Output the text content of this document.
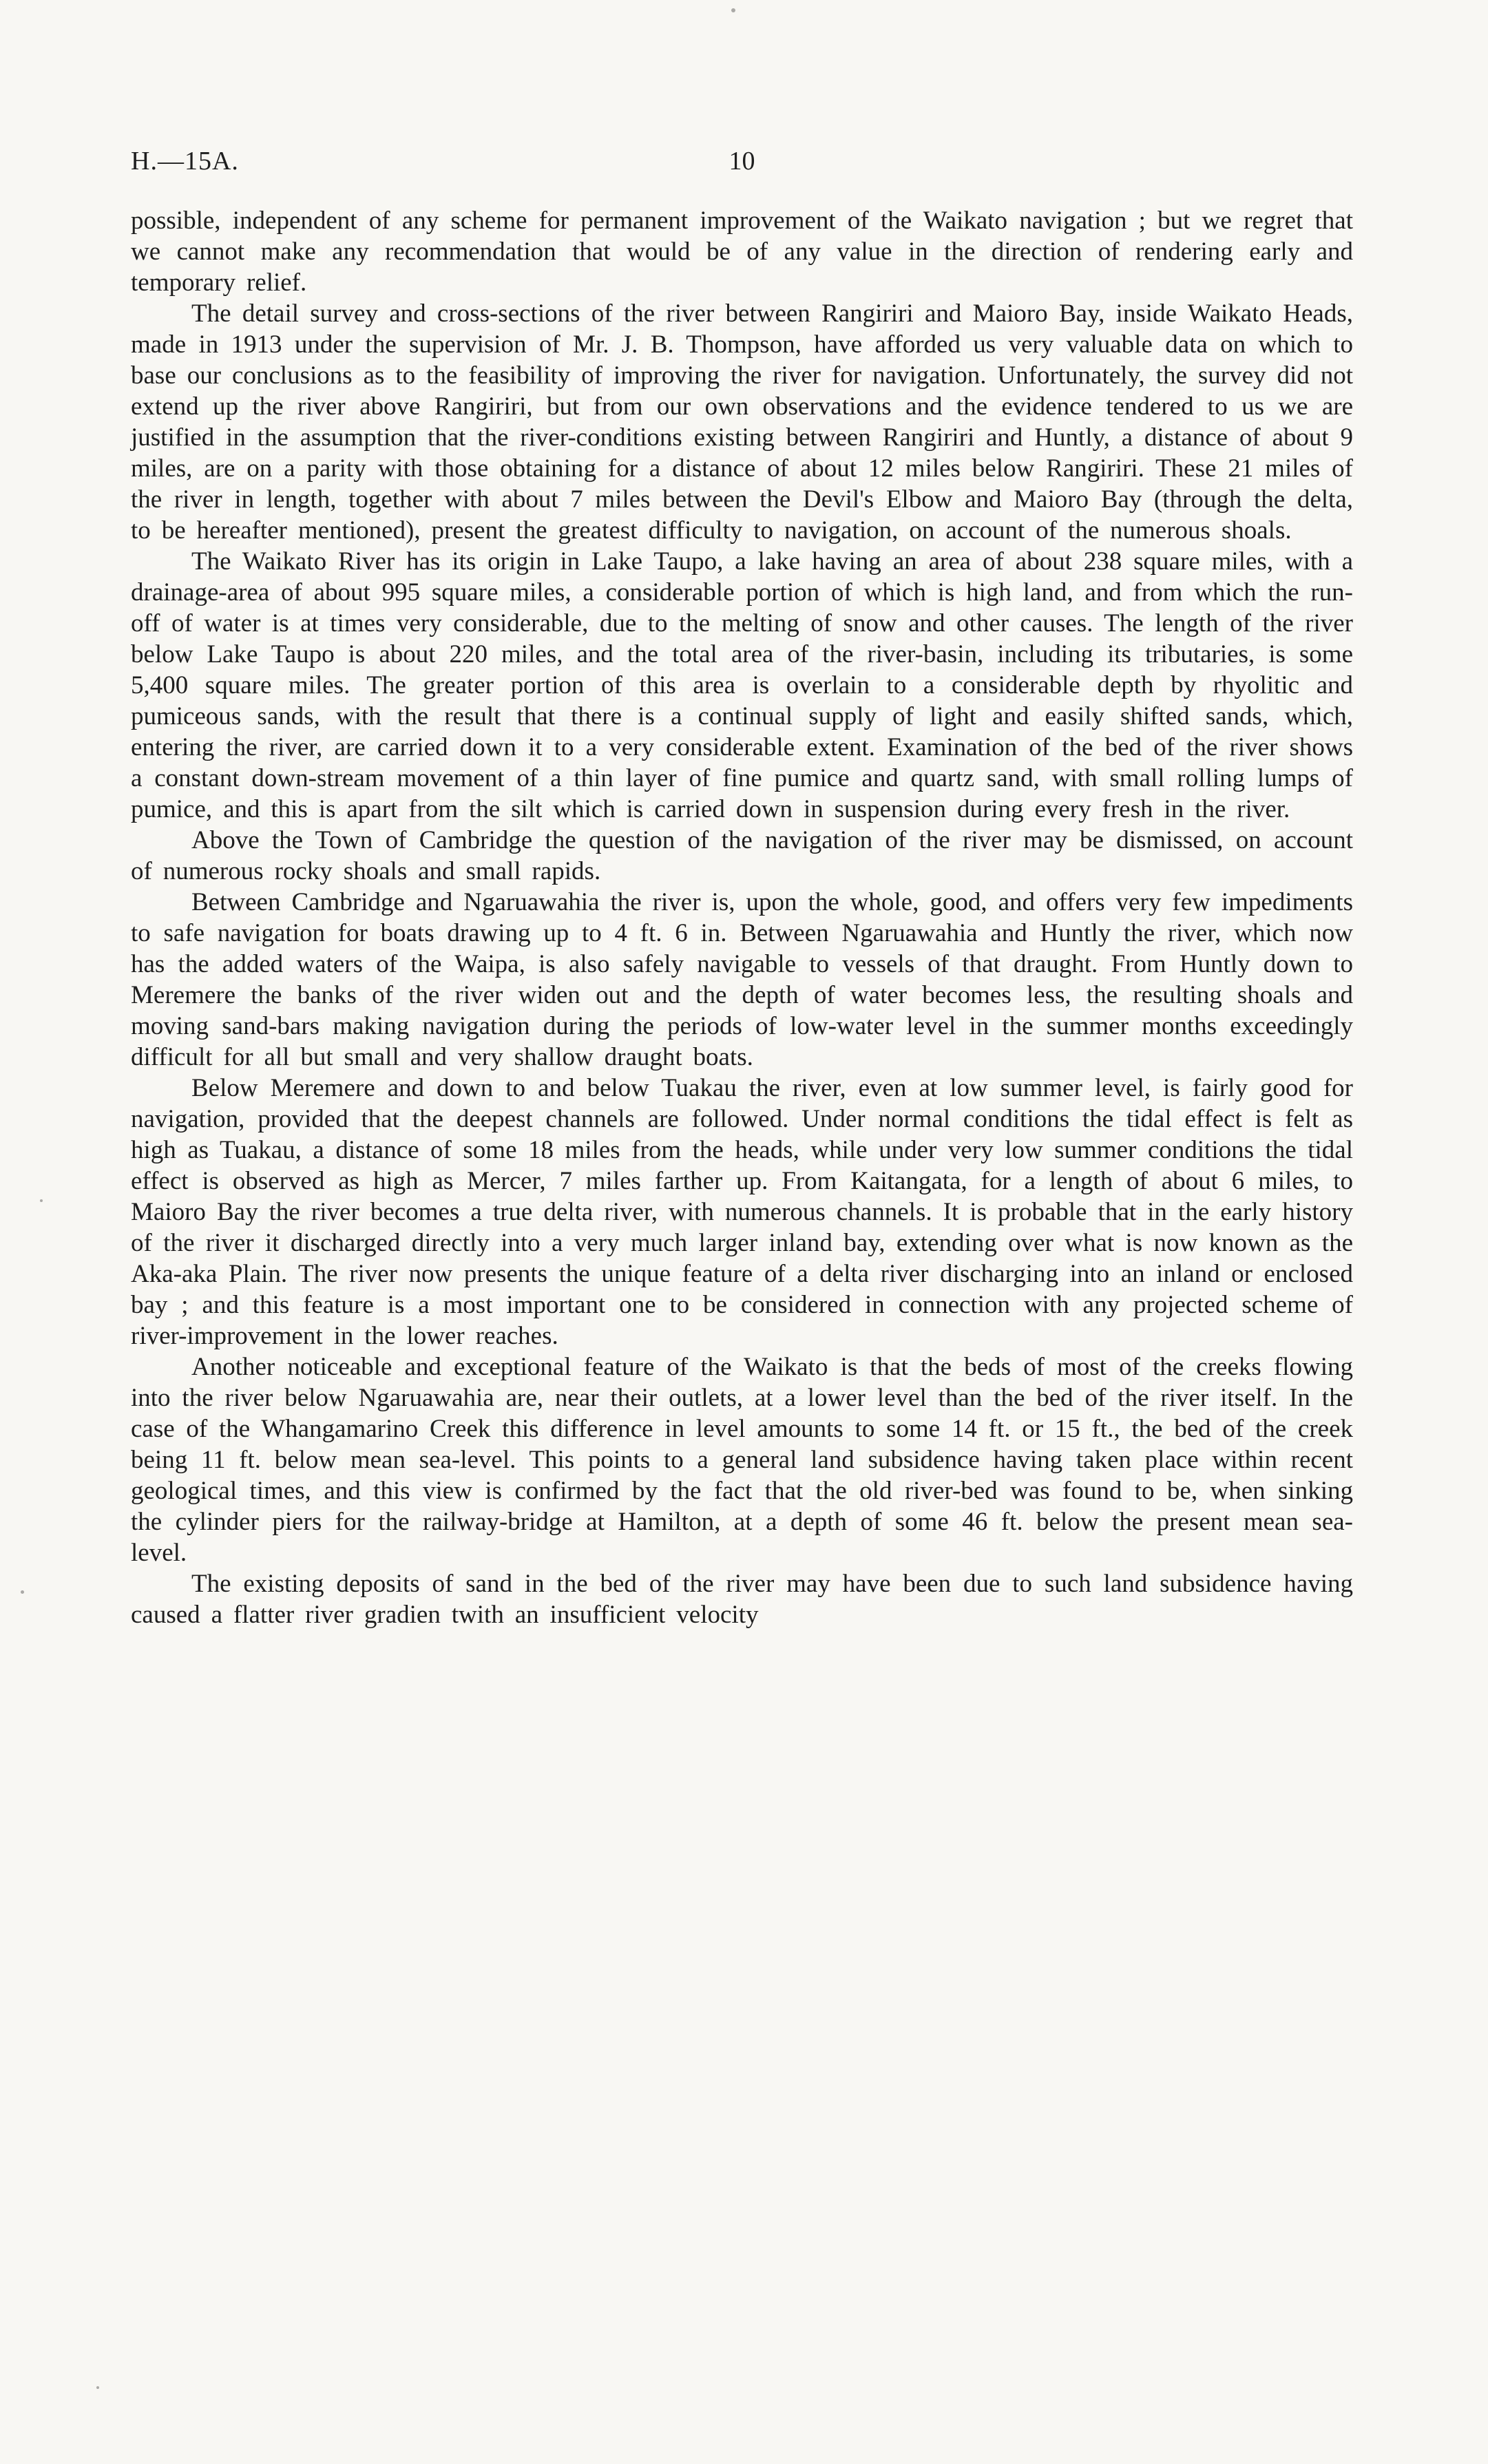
H.—15A.	10

possible, independent of any scheme for permanent improvement of the Waikato navigation ; but we regret that we cannot make any recommendation that would be of any value in the direction of rendering early and temporary relief.

The detail survey and cross-sections of the river between Rangiriri and Maioro Bay, inside Waikato Heads, made in 1913 under the supervision of Mr. J. B. Thompson, have afforded us very valuable data on which to base our conclusions as to the feasibility of improving the river for navigation. Unfortunately, the survey did not extend up the river above Rangiriri, but from our own observations and the evidence tendered to us we are justified in the assumption that the river-conditions existing between Rangiriri and Huntly, a distance of about 9 miles, are on a parity with those obtaining for a distance of about 12 miles below Rangiriri. These 21 miles of the river in length, together with about 7 miles between the Devil's Elbow and Maioro Bay (through the delta, to be hereafter mentioned), present the greatest difficulty to navigation, on account of the numerous shoals.

The Waikato River has its origin in Lake Taupo, a lake having an area of about 238 square miles, with a drainage-area of about 995 square miles, a considerable portion of which is high land, and from which the run-off of water is at times very considerable, due to the melting of snow and other causes. The length of the river below Lake Taupo is about 220 miles, and the total area of the river-basin, including its tributaries, is some 5,400 square miles. The greater portion of this area is overlain to a considerable depth by rhyolitic and pumiceous sands, with the result that there is a continual supply of light and easily shifted sands, which, entering the river, are carried down it to a very considerable extent. Examination of the bed of the river shows a constant down-stream movement of a thin layer of fine pumice and quartz sand, with small rolling lumps of pumice, and this is apart from the silt which is carried down in suspension during every fresh in the river.

Above the Town of Cambridge the question of the navigation of the river may be dismissed, on account of numerous rocky shoals and small rapids.

Between Cambridge and Ngaruawahia the river is, upon the whole, good, and offers very few impediments to safe navigation for boats drawing up to 4 ft. 6 in. Between Ngaruawahia and Huntly the river, which now has the added waters of the Waipa, is also safely navigable to vessels of that draught. From Huntly down to Meremere the banks of the river widen out and the depth of water becomes less, the resulting shoals and moving sand-bars making navigation during the periods of low-water level in the summer months exceedingly difficult for all but small and very shallow draught boats.

Below Meremere and down to and below Tuakau the river, even at low summer level, is fairly good for navigation, provided that the deepest channels are followed. Under normal conditions the tidal effect is felt as high as Tuakau, a distance of some 18 miles from the heads, while under very low summer conditions the tidal effect is observed as high as Mercer, 7 miles farther up. From Kaitangata, for a length of about 6 miles, to Maioro Bay the river becomes a true delta river, with numerous channels. It is probable that in the early history of the river it discharged directly into a very much larger inland bay, extending over what is now known as the Aka-aka Plain. The river now presents the unique feature of a delta river discharging into an inland or enclosed bay ; and this feature is a most important one to be considered in connection with any projected scheme of river-improvement in the lower reaches.

Another noticeable and exceptional feature of the Waikato is that the beds of most of the creeks flowing into the river below Ngaruawahia are, near their outlets, at a lower level than the bed of the river itself. In the case of the Whangamarino Creek this difference in level amounts to some 14 ft. or 15 ft., the bed of the creek being 11 ft. below mean sea-level. This points to a general land subsidence having taken place within recent geological times, and this view is confirmed by the fact that the old river-bed was found to be, when sinking the cylinder piers for the railway-bridge at Hamilton, at a depth of some 46 ft. below the present mean sea-level.

The existing deposits of sand in the bed of the river may have been due to such land subsidence having caused a flatter river gradien twith an insufficient velocity
